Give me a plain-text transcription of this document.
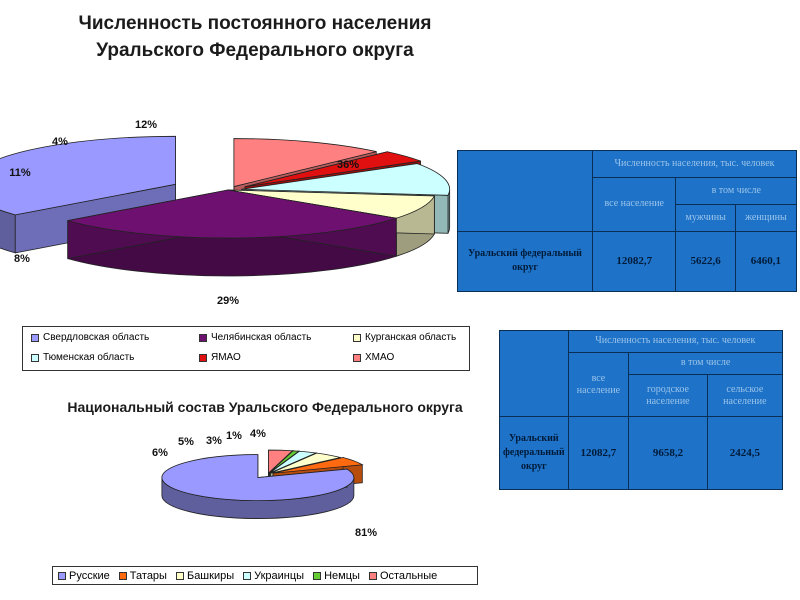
Численность постоянного населения Уральского Федерального округа
Национальный состав Уральского Федерального округа
36%
29%
8%
11%
4%
12%
81%
6%
5% 3% 1% 4%
Свердловская область	Челябинская область	Курганская область
Тюменская область	ЯМАО	ХМАО
Русские Татары Башкиры Украинцы Немцы Остальные
	Численность населения, тыс. человек		
	все население	в том числе	
		мужчины	женщины
Уральский федеральный округ	12082,7	5622,6	6460,1
	Численность населения, тыс. человек		
	все население	в том числе	
		городское население	сельское население
Уральский федеральный округ	12082,7	9658,2	2424,5
